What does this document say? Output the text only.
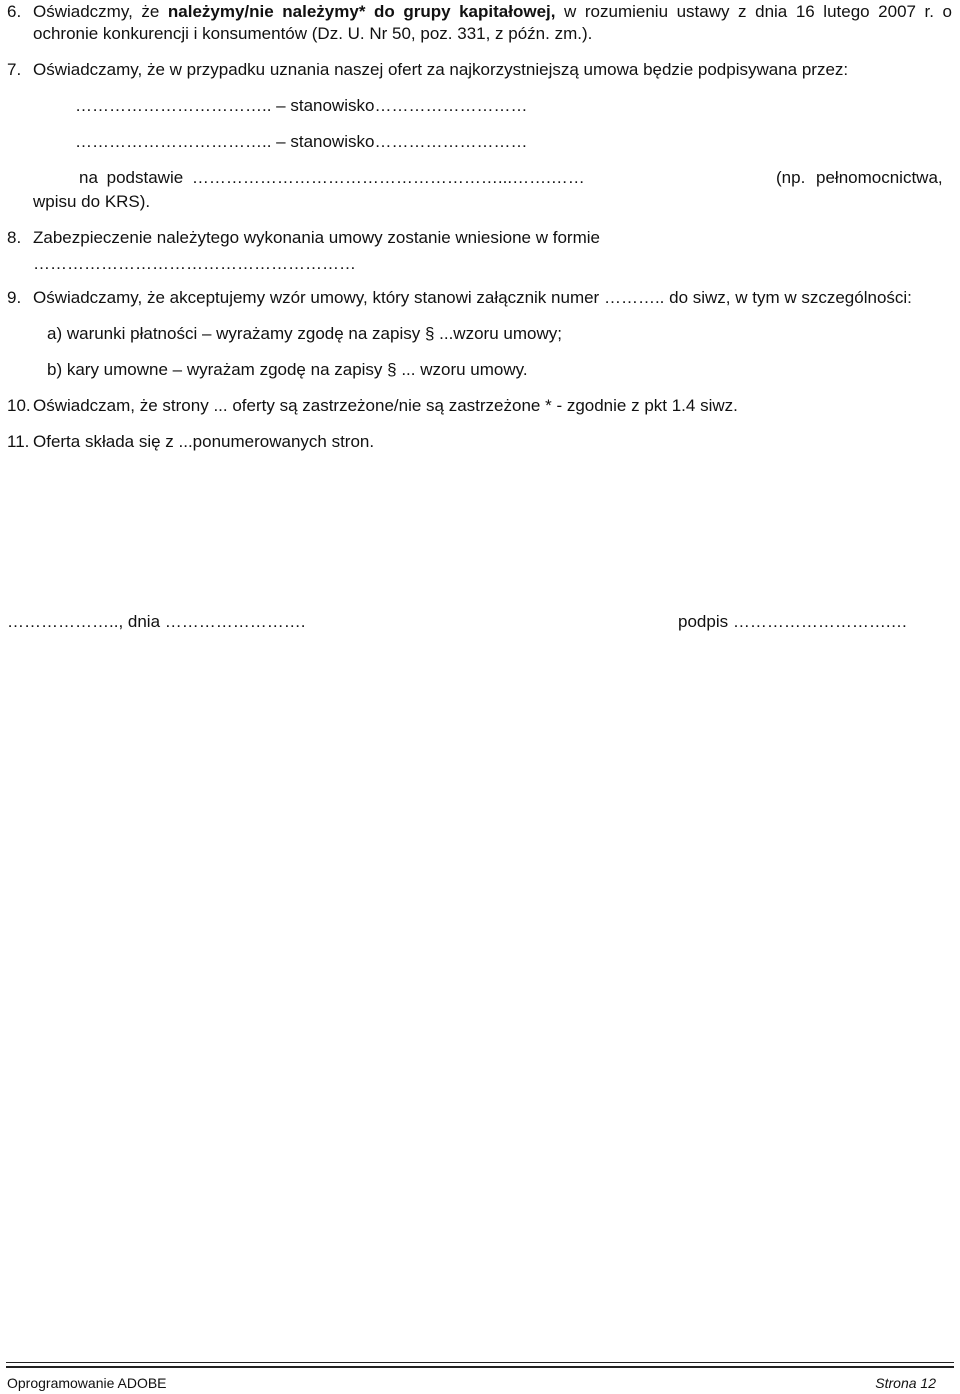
6. Oświadczmy, że należymy/nie należymy* do grupy kapitałowej, w rozumieniu ustawy z dnia 16 lutego 2007 r. o
ochronie konkurencji i konsumentów (Dz. U. Nr 50, poz. 331, z późn. zm.).
7. Oświadczamy, że w przypadku uznania naszej ofert za najkorzystniejszą umowa będzie podpisywana przez:
…………………………….. – stanowisko………………………
…………………………….. – stanowisko………………………
na podstawie ………………………………………………...…….……	(np. pełnomocnictwa,
wpisu do KRS).
8. Zabezpieczenie należytego wykonania umowy zostanie wniesione w formie
…………………………………………………
9. Oświadczamy, że akceptujemy wzór umowy, który stanowi załącznik numer ……….. do siwz, w tym w szczególności:
a) warunki płatności – wyrażamy zgodę na zapisy § ...wzoru umowy;
b) kary umowne – wyrażam zgodę na zapisy § ... wzoru umowy.
10. Oświadczam, że strony ... oferty są zastrzeżone/nie są zastrzeżone * - zgodnie z pkt 1.4 siwz.
11. Oferta składa się z ...ponumerowanych stron.
……………….., dnia …………………….	podpis ……………………….…
Oprogramowanie ADOBE	Strona 12
